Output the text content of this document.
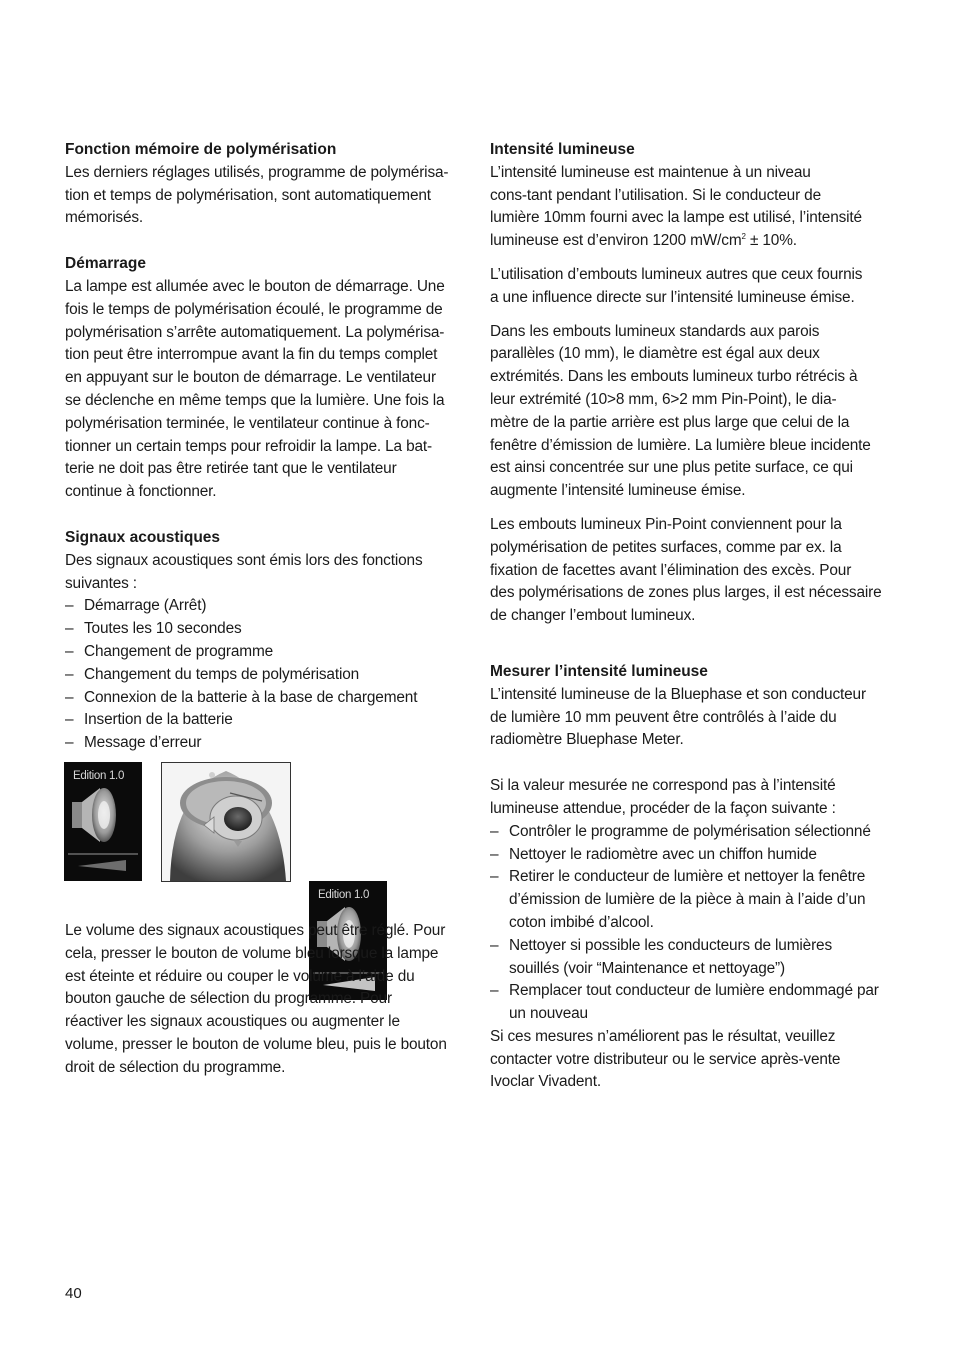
Fonction mémoire de polymérisation

Les derniers réglages utilisés, programme de polymérisa-
tion et temps de polymérisation, sont automatiquement
mémorisés.

Démarrage

La lampe est allumée avec le bouton de démarrage. Une
fois le temps de polymérisation écoulé, le programme de
polymérisation s’arrête automatiquement. La polymérisa-
tion peut être interrompue avant la fin du temps complet
en appuyant sur le bouton de démarrage. Le ventilateur
se déclenche en même temps que la lumière. Une fois la
polymérisation terminée, le ventilateur continue à fonc-
tionner un certain temps pour refroidir la lampe. La bat-
terie ne doit pas être retirée tant que le ventilateur
continue à fonctionner.

Signaux acoustiques

Des signaux acoustiques sont émis lors des fonctions
suivantes :

– Démarrage (Arrêt)
– Toutes les 10 secondes
– Changement de programme
– Changement du temps de polymérisation
– Connexion de la batterie à la base de chargement
– Insertion de la batterie
– Message d’erreur
Edition 1.0
Edition 1.0

Le volume des signaux acoustiques peut être réglé. Pour
cela, presser le bouton de volume bleu lorsque la lampe
est éteinte et réduire ou couper le volume à l’aide du
bouton gauche de sélection du programme. Pour
réactiver les signaux acoustiques ou augmenter le
volume, presser le bouton de volume bleu, puis le bouton
droit de sélection du programme.

Intensité lumineuse

L’intensité lumineuse est maintenue à un niveau
cons-tant pendant l’utilisation. Si le conducteur de
lumière 10mm fourni avec la lampe est utilisé, l’intensité
lumineuse est d’environ 1200 $mW/cm^2 \pm 10\%$.

L’utilisation d’embouts lumineux autres que ceux fournis
a une influence directe sur l’intensité lumineuse émise.

Dans les embouts lumineux standards aux parois
parallèles (10 mm), le diamètre est égal aux deux
extrémités. Dans les embouts lumineux turbo rétrécis à
leur extrémité (10>8 mm, 6>2 mm Pin-Point), le dia-
mètre de la partie arrière est plus large que celui de la
fenêtre d’émission de lumière. La lumière bleue incidente
est ainsi concentrée sur une plus petite surface, ce qui
augmente l’intensité lumineuse émise.

Les embouts lumineux Pin-Point conviennent pour la
polymérisation de petites surfaces, comme par ex. la
fixation de facettes avant l’élimination des excès. Pour
des polymérisations de zones plus larges, il est nécessaire
de changer l’embout lumineux.

Mesurer l’intensité lumineuse

L’intensité lumineuse de la Bluephase et son conducteur
de lumière 10 mm peuvent être contrôlés à l’aide du
radiomètre Bluephase Meter.

Si la valeur mesurée ne correspond pas à l’intensité
lumineuse attendue, procéder de la façon suivante :

– Contrôler le programme de polymérisation sélectionné
– Nettoyer le radiomètre avec un chiffon humide
– Retirer le conducteur de lumière et nettoyer la fenêtre
d’émission de lumière de la pièce à main à l’aide d’un
coton imbibé d’alcool.
– Nettoyer si possible les conducteurs de lumières
souillés (voir “Maintenance et nettoyage”)
– Remplacer tout conducteur de lumière endommagé par
un nouveau

Si ces mesures n’améliorent pas le résultat, veuillez
contacter votre distributeur ou le service après-vente
Ivoclar Vivadent.

40
